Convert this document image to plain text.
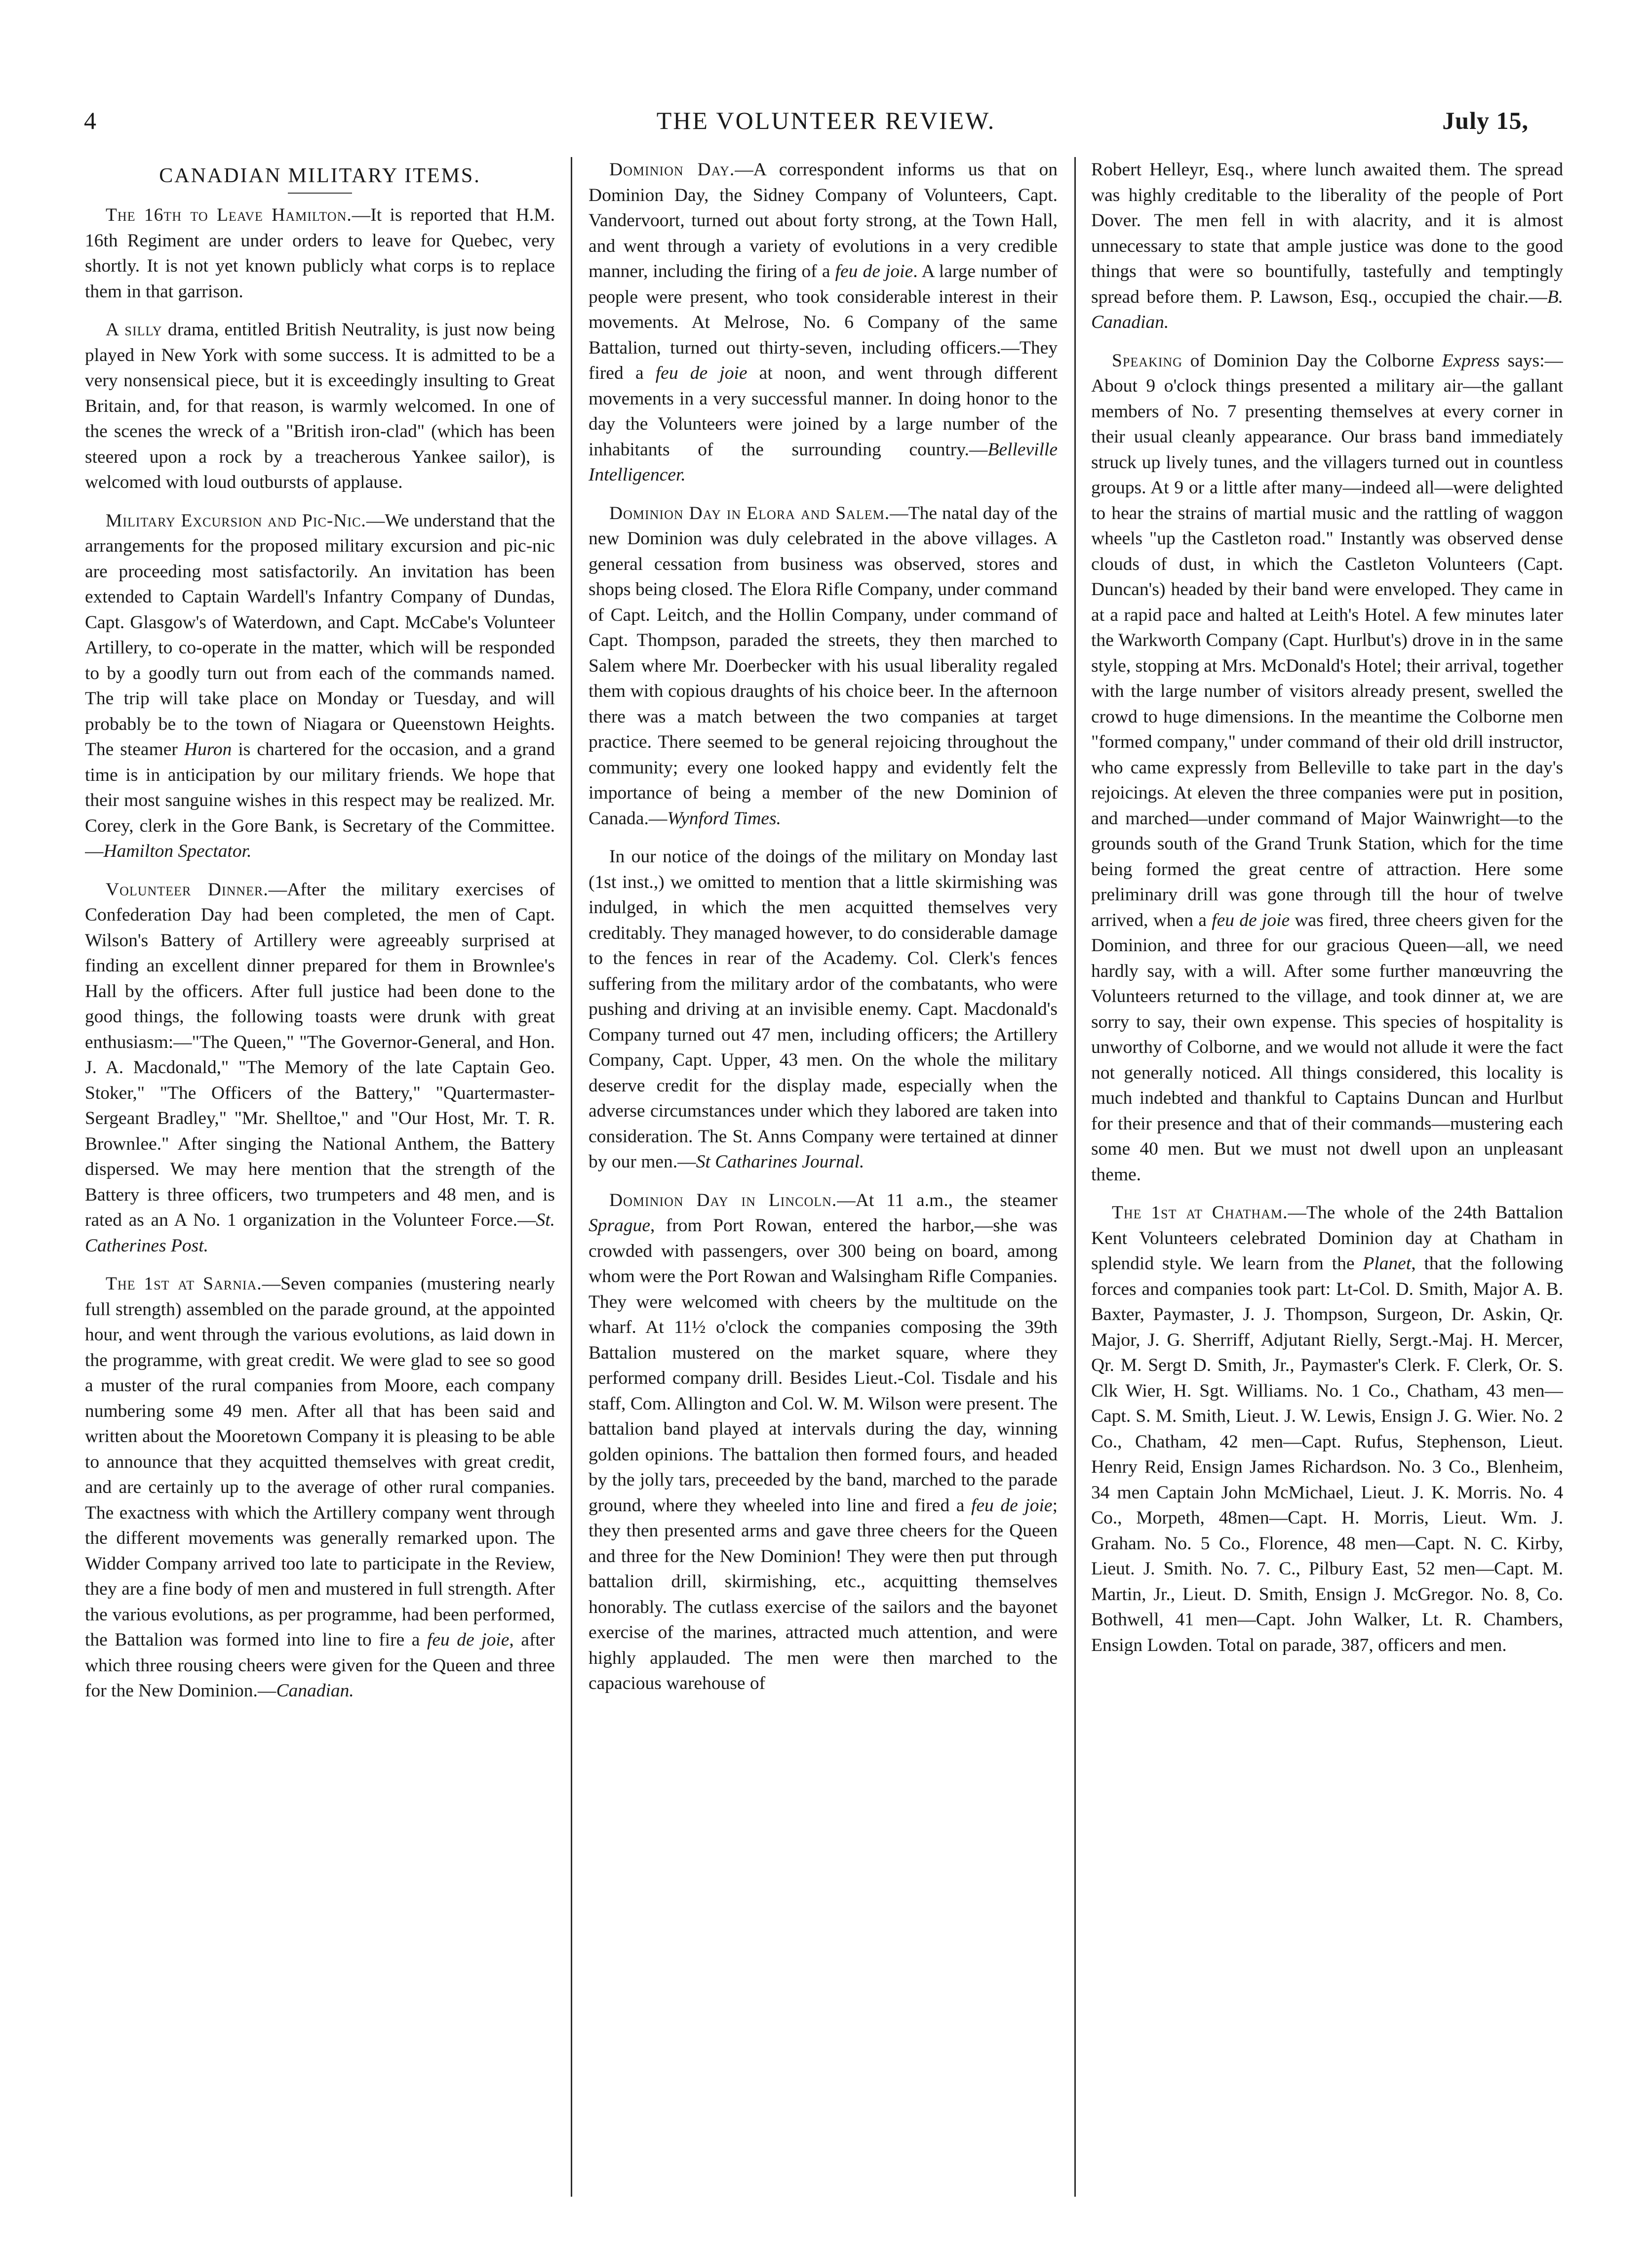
4	THE VOLUNTEER REVIEW.	July 15,
CANADIAN MILITARY ITEMS.

The 16th to Leave Hamilton.—It is reported that H.M. 16th Regiment are under orders to leave for Quebec, very shortly. It is not yet known publicly what corps is to replace them in that garrison.

A silly drama, entitled British Neutrality, is just now being played in New York with some success. It is admitted to be a very nonsensical piece, but it is exceedingly insulting to Great Britain, and, for that reason, is warmly welcomed. In one of the scenes the wreck of a "British iron-clad" (which has been steered upon a rock by a treacherous Yankee sailor), is welcomed with loud outbursts of applause.

Military Excursion and Pic-Nic.—We understand that the arrangements for the proposed military excursion and pic-nic are proceeding most satisfactorily. An invitation has been extended to Captain Wardell's Infantry Company of Dundas, Capt. Glasgow's of Waterdown, and Capt. McCabe's Volunteer Artillery, to co-operate in the matter, which will be responded to by a goodly turn out from each of the commands named. The trip will take place on Monday or Tuesday, and will probably be to the town of Niagara or Queenstown Heights. The steamer Huron is chartered for the occasion, and a grand time is in anticipation by our military friends. We hope that their most sanguine wishes in this respect may be realized. Mr. Corey, clerk in the Gore Bank, is Secretary of the Committee.—Hamilton Spectator.

Volunteer Dinner.—After the military exercises of Confederation Day had been completed, the men of Capt. Wilson's Battery of Artillery were agreeably surprised at finding an excellent dinner prepared for them in Brownlee's Hall by the officers. After full justice had been done to the good things, the following toasts were drunk with great enthusiasm:—"The Queen," "The Governor-General, and Hon. J. A. Macdonald," "The Memory of the late Captain Geo. Stoker," "The Officers of the Battery," "Quartermaster-Sergeant Bradley," "Mr. Shelltoe," and "Our Host, Mr. T. R. Brownlee." After singing the National Anthem, the Battery dispersed. We may here mention that the strength of the Battery is three officers, two trumpeters and 48 men, and is rated as an A No. 1 organization in the Volunteer Force.—St. Catherines Post.

The 1st at Sarnia.—Seven companies (mustering nearly full strength) assembled on the parade ground, at the appointed hour, and went through the various evolutions, as laid down in the programme, with great credit. We were glad to see so good a muster of the rural companies from Moore, each company numbering some 49 men. After all that has been said and written about the Mooretown Company it is pleasing to be able to announce that they acquitted themselves with great credit, and are certainly up to the average of other rural companies. The exactness with which the Artillery company went through the different movements was generally remarked upon. The Widder Company arrived too late to participate in the Review, they are a fine body of men and mustered in full strength. After the various evolutions, as per programme, had been performed, the Battalion was formed into line to fire a feu de joie, after which three rousing cheers were given for the Queen and three for the New Dominion.—Canadian.

Dominion Day.—A correspondent informs us that on Dominion Day, the Sidney Company of Volunteers, Capt. Vandervoort, turned out about forty strong, at the Town Hall, and went through a variety of evolutions in a very credible manner, including the firing of a feu de joie. A large number of people were present, who took considerable interest in their movements. At Melrose, No. 6 Company of the same Battalion, turned out thirty-seven, including officers.—They fired a feu de joie at noon, and went through different movements in a very successful manner. In doing honor to the day the Volunteers were joined by a large number of the inhabitants of the surrounding country.—Belleville Intelligencer.

Dominion Day in Elora and Salem.—The natal day of the new Dominion was duly celebrated in the above villages. A general cessation from business was observed, stores and shops being closed. The Elora Rifle Company, under command of Capt. Leitch, and the Hollin Company, under command of Capt. Thompson, paraded the streets, they then marched to Salem where Mr. Doerbecker with his usual liberality regaled them with copious draughts of his choice beer. In the afternoon there was a match between the two companies at target practice. There seemed to be general rejoicing throughout the community; every one looked happy and evidently felt the importance of being a member of the new Dominion of Canada.—Wynford Times.

In our notice of the doings of the military on Monday last (1st inst.,) we omitted to mention that a little skirmishing was indulged, in which the men acquitted themselves very creditably. They managed however, to do considerable damage to the fences in rear of the Academy. Col. Clerk's fences suffering from the military ardor of the combatants, who were pushing and driving at an invisible enemy. Capt. Macdonald's Company turned out 47 men, including officers; the Artillery Company, Capt. Upper, 43 men. On the whole the military deserve credit for the display made, especially when the adverse circumstances under which they labored are taken into consideration. The St. Anns Company were tertained at dinner by our men.—St Catharines Journal.

Dominion Day in Lincoln.—At 11 a.m., the steamer Sprague, from Port Rowan, entered the harbor,—she was crowded with passengers, over 300 being on board, among whom were the Port Rowan and Walsingham Rifle Companies. They were welcomed with cheers by the multitude on the wharf. At 11½ o'clock the companies composing the 39th Battalion mustered on the market square, where they performed company drill. Besides Lieut.-Col. Tisdale and his staff, Com. Allington and Col. W. M. Wilson were present. The battalion band played at intervals during the day, winning golden opinions. The battalion then formed fours, and headed by the jolly tars, preceeded by the band, marched to the parade ground, where they wheeled into line and fired a feu de joie; they then presented arms and gave three cheers for the Queen and three for the New Dominion! They were then put through battalion drill, skirmishing, etc., acquitting themselves honorably. The cutlass exercise of the sailors and the bayonet exercise of the marines, attracted much attention, and were highly applauded. The men were then marched to the capacious warehouse of

Robert Helleyr, Esq., where lunch awaited them. The spread was highly creditable to the liberality of the people of Port Dover. The men fell in with alacrity, and it is almost unnecessary to state that ample justice was done to the good things that were so bountifully, tastefully and temptingly spread before them. P. Lawson, Esq., occupied the chair.—B. Canadian.

Speaking of Dominion Day the Colborne Express says:—About 9 o'clock things presented a military air—the gallant members of No. 7 presenting themselves at every corner in their usual cleanly appearance. Our brass band immediately struck up lively tunes, and the villagers turned out in countless groups. At 9 or a little after many—indeed all—were delighted to hear the strains of martial music and the rattling of waggon wheels "up the Castleton road." Instantly was observed dense clouds of dust, in which the Castleton Volunteers (Capt. Duncan's) headed by their band were enveloped. They came in at a rapid pace and halted at Leith's Hotel. A few minutes later the Warkworth Company (Capt. Hurlbut's) drove in in the same style, stopping at Mrs. McDonald's Hotel; their arrival, together with the large number of visitors already present, swelled the crowd to huge dimensions. In the meantime the Colborne men "formed company," under command of their old drill instructor, who came expressly from Belleville to take part in the day's rejoicings. At eleven the three companies were put in position, and marched—under command of Major Wainwright—to the grounds south of the Grand Trunk Station, which for the time being formed the great centre of attraction. Here some preliminary drill was gone through till the hour of twelve arrived, when a feu de joie was fired, three cheers given for the Dominion, and three for our gracious Queen—all, we need hardly say, with a will. After some further manœuvring the Volunteers returned to the village, and took dinner at, we are sorry to say, their own expense. This species of hospitality is unworthy of Colborne, and we would not allude it were the fact not generally noticed. All things considered, this locality is much indebted and thankful to Captains Duncan and Hurlbut for their presence and that of their commands—mustering each some 40 men. But we must not dwell upon an unpleasant theme.

The 1st at Chatham.—The whole of the 24th Battalion Kent Volunteers celebrated Dominion day at Chatham in splendid style. We learn from the Planet, that the following forces and companies took part: Lt-Col. D. Smith, Major A. B. Baxter, Paymaster, J. J. Thompson, Surgeon, Dr. Askin, Qr. Major, J. G. Sherriff, Adjutant Rielly, Sergt.-Maj. H. Mercer, Qr. M. Sergt D. Smith, Jr., Paymaster's Clerk. F. Clerk, Or. S. Clk Wier, H. Sgt. Williams. No. 1 Co., Chatham, 43 men—Capt. S. M. Smith, Lieut. J. W. Lewis, Ensign J. G. Wier. No. 2 Co., Chatham, 42 men—Capt. Rufus, Stephenson, Lieut. Henry Reid, Ensign James Richardson. No. 3 Co., Blenheim, 34 men Captain John McMichael, Lieut. J. K. Morris. No. 4 Co., Morpeth, 48men—Capt. H. Morris, Lieut. Wm. J. Graham. No. 5 Co., Florence, 48 men—Capt. N. C. Kirby, Lieut. J. Smith. No. 7. C., Pilbury East, 52 men—Capt. M. Martin, Jr., Lieut. D. Smith, Ensign J. McGregor. No. 8, Co. Bothwell, 41 men—Capt. John Walker, Lt. R. Chambers, Ensign Lowden. Total on parade, 387, officers and men.
